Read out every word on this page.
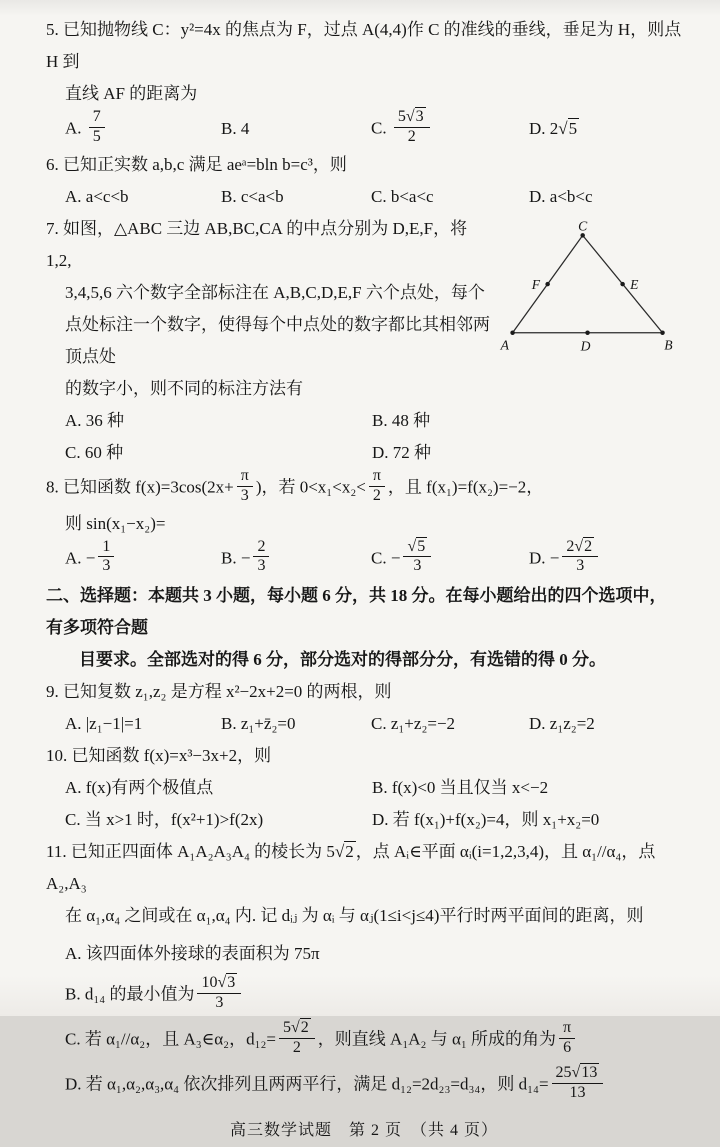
5. 已知抛物线 C：y²=4x 的焦点为 F，过点 A(4,4)作 C 的准线的垂线，垂足为 H，则点 H 到

直线 AF 的距离为

A. $\frac{7}{5}$	B. 4	C. $\frac{5√3}{2}$	D. 2√5

6. 已知正实数 a,b,c 满足 aeᵃ=bln b=c³，则

A. a<c<b	B. c<a<b	C. b<a<c	D. a<b<c

7. 如图，△ABC 三边 AB,BC,CA 的中点分别为 D,E,F，将 1,2,

3,4,5,6 六个数字全部标注在 A,B,C,D,E,F 六个点处，每个

点处标注一个数字，使得每个中点处的数字都比其相邻两顶点处

的数字小，则不同的标注方法有

A. 36 种	B. 48 种
C
A	B
D
E
F
C. 60 种	D. 72 种

8. 已知函数 $f(x)=3\cos(2x+ \frac{\pi}{3}$ )，若 $0<x_1<x_2< \frac{\pi}{2}$ ，且 f(x₁)=f(x₂)=−2，

则 sin(x₁−x₂)=

A. − $\frac{1}{3}$	B. − $\frac{2}{3}$	C. − $\frac{√5}{3}$	D. − $\frac{2√2}{3}$

二、选择题：本题共 3 小题，每小题 6 分，共 18 分。在每小题给出的四个选项中，有多项符合题

目要求。全部选对的得 6 分，部分选对的得部分分，有选错的得 0 分。

9. 已知复数 z₁,z₂ 是方程 x²−2x+2=0 的两根，则

A. |z₁−1|=1	B. z₁+z̄₂=0	C. z₁+z₂=−2	D. z₁z₂=2

10. 已知函数 f(x)=x³−3x+2，则

A. f(x)有两个极值点	B. f(x)<0 当且仅当 x<−2
C. 当 x>1 时，f(x²+1)>f(2x)	D. 若 f(x₁)+f(x₂)=4，则 x₁+x₂=0

11. 已知正四面体 A₁A₂A₃A₄ 的棱长为 5√2 ，点 Aᵢ∈平面 αᵢ(i=1,2,3,4)，且 α₁//α₄，点 A₂,A₃

在 α₁,α₄ 之间或在 α₁,α₄ 内. 记 dᵢⱼ 为 αᵢ 与 αⱼ(1≤i<j≤4)平行时两平面间的距离，则

A. 该四面体外接球的表面积为 75π

B. d₁₄ 的最小值为 $\frac{10√3}{3}$

C. 若 α₁//α₂，且 A₃∈α₂，$d_{12}= \frac{5√2}{2}$ ，则直线 A₁A₂ 与 α₁ 所成的角为 $\frac{\pi}{6}$

D. 若 α₁,α₂,α₃,α₄ 依次排列且两两平行，满足 d₁₂=2d₂₃=d₃₄，则 $d_{14}= \frac{25√13}{13}$

高三数学试题　第 2 页　（共 4 页）
